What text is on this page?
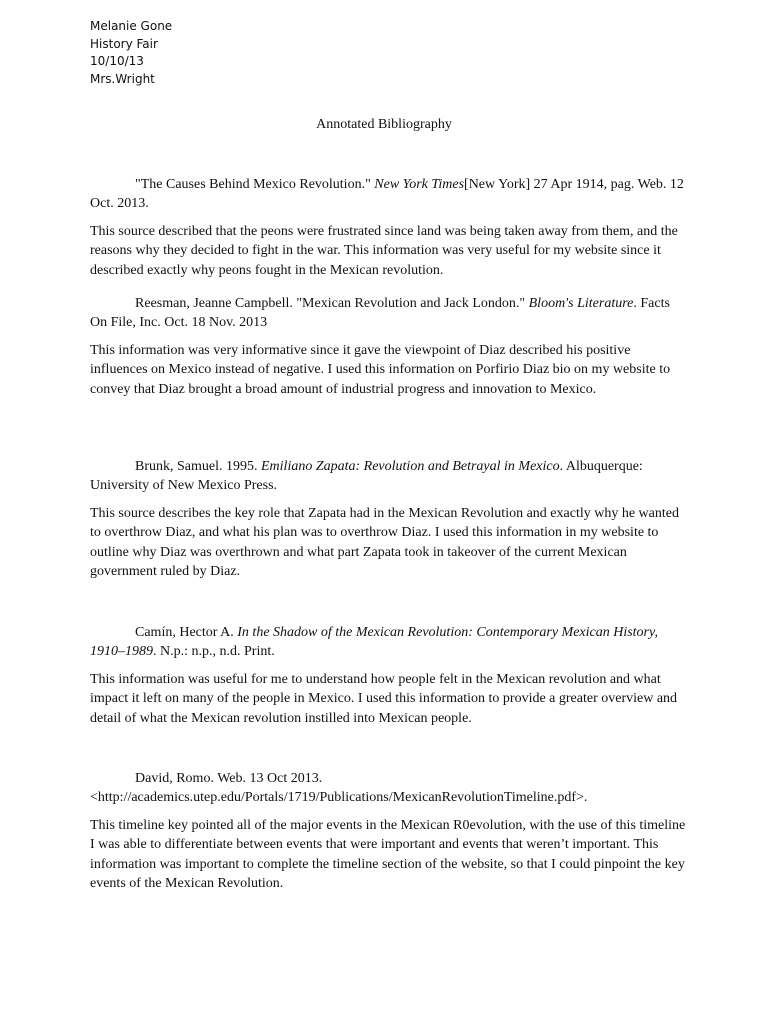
Melanie Gone
History Fair
10/10/13
Mrs.Wright
Annotated Bibliography

"The Causes Behind Mexico Revolution." New York Times[New York] 27 Apr 1914, pag. Web. 12 Oct. 2013.

This source described that the peons were frustrated since land was being taken away from them, and the reasons why they decided to fight in the war. This information was very useful for my website since it described exactly why peons fought in the Mexican revolution.

Reesman, Jeanne Campbell. "Mexican Revolution and Jack London." Bloom's Literature. Facts On File, Inc. Oct. 18 Nov. 2013

This information was very informative since it gave the viewpoint of Diaz described his positive influences on Mexico instead of negative. I used this information on Porfirio Diaz bio on my website to convey that Diaz brought a broad amount of industrial progress and innovation to Mexico.

Brunk, Samuel. 1995. Emiliano Zapata: Revolution and Betrayal in Mexico. Albuquerque: University of New Mexico Press.

This source describes the key role that Zapata had in the Mexican Revolution and exactly why he wanted to overthrow Diaz, and what his plan was to overthrow Diaz. I used this information in my website to outline why Diaz was overthrown and what part Zapata took in takeover of the current Mexican government ruled by Diaz.

Camín, Hector A. In the Shadow of the Mexican Revolution: Contemporary Mexican History, 1910–1989. N.p.: n.p., n.d. Print.

This information was useful for me to understand how people felt in the Mexican revolution and what impact it left on many of the people in Mexico. I used this information to provide a greater overview and detail of what the Mexican revolution instilled into Mexican people.

David, Romo. Web. 13 Oct 2013. <http://academics.utep.edu/Portals/1719/Publications/MexicanRevolutionTimeline.pdf>.

This timeline key pointed all of the major events in the Mexican R0evolution, with the use of this timeline I was able to differentiate between events that were important and events that weren’t important. This information was important to complete the timeline section of the website, so that I could pinpoint the key events of the Mexican Revolution.
